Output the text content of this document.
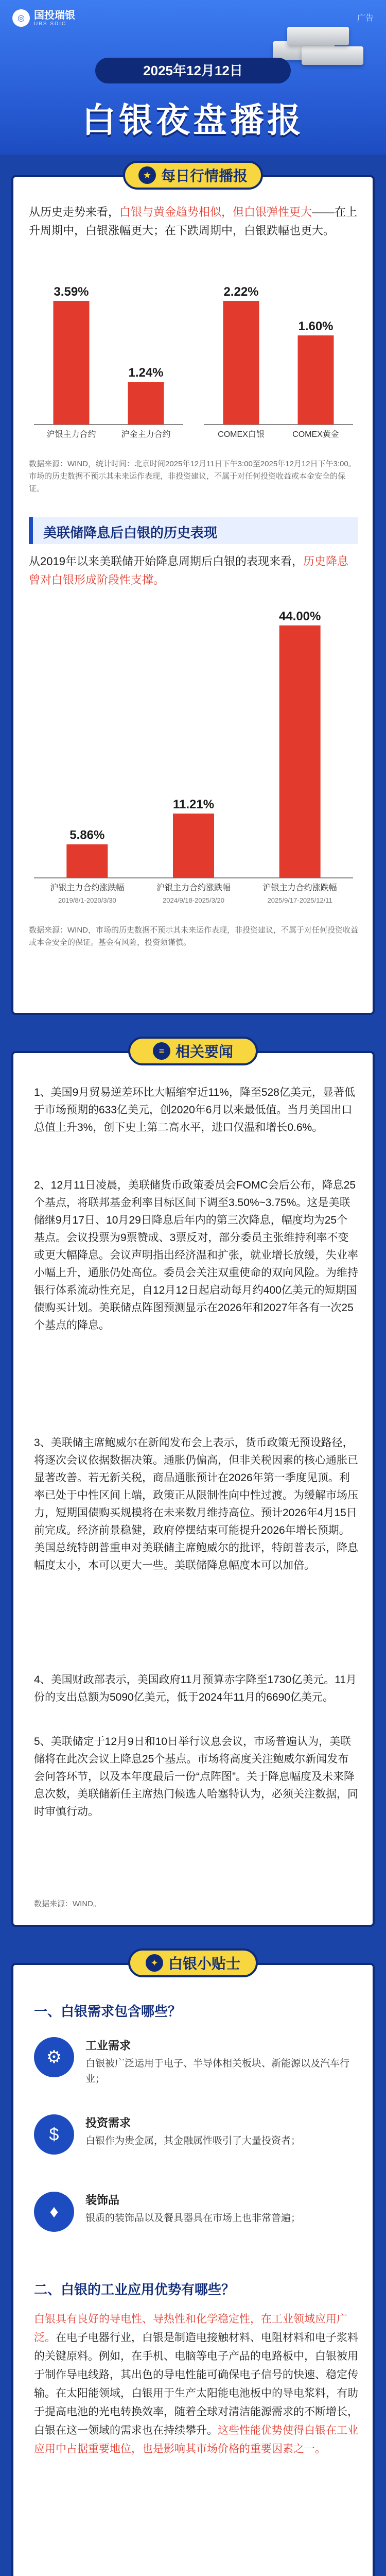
◎ 国投瑞银
UBS SDIC
广告
2025年12月12日
白银夜盘播报
★ 每日行情播报
从历史走势来看，白银与黄金趋势相似，但白银弹性更大——在上升周期中，白银涨幅更大；在下跌周期中，白银跌幅也更大。
3.59%
沪银主力合约
1.24%
沪金主力合约
2.22%
COMEX白银
1.60%
COMEX黄金
数据来源：WIND，统计时间：北京时间2025年12月11日下午3:00至2025年12月12日下午3:00。市场的历史数据不预示其未来运作表现，非投资建议，不属于对任何投资收益或本金安全的保证。
美联储降息后白银的历史表现
从2019年以来美联储开始降息周期后白银的表现来看，历史降息曾对白银形成阶段性支撑。
5.86%
沪银主力合约涨跌幅
2019/8/1-2020/3/30
11.21%
沪银主力合约涨跌幅
2024/9/18-2025/3/20
44.00%
沪银主力合约涨跌幅
2025/9/17-2025/12/11
数据来源：WIND，市场的历史数据不预示其未来运作表现，非投资建议，不属于对任何投资收益或本金安全的保证。基金有风险，投资须谨慎。
≡ 相关要闻
1、美国9月贸易逆差环比大幅缩窄近11%，降至528亿美元，显著低于市场预期的633亿美元，创2020年6月以来最低值。当月美国出口总值上升3%，创下史上第二高水平，进口仅温和增长0.6%。
2、12月11日凌晨，美联储货币政策委员会FOMC会后公布，降息25个基点，将联邦基金利率目标区间下调至3.50%~3.75%。这是美联储继9月17日、10月29日降息后年内的第三次降息，幅度均为25个基点。会议投票为9票赞成、3票反对，部分委员主张维持利率不变或更大幅降息。会议声明指出经济温和扩张，就业增长放缓，失业率小幅上升，通胀仍处高位。委员会关注双重使命的双向风险。为维持银行体系流动性充足，自12月12日起启动每月约400亿美元的短期国债购买计划。美联储点阵图预测显示在2026年和2027年各有一次25个基点的降息。
3、美联储主席鲍威尔在新闻发布会上表示，货币政策无预设路径，将逐次会议依据数据决策。通胀仍偏高，但非关税因素的核心通胀已显著改善。若无新关税，商品通胀预计在2026年第一季度见顶。利率已处于中性区间上端，政策正从限制性向中性过渡。为缓解市场压力，短期国债购买规模将在未来数月维持高位。预计2026年4月15日前完成。经济前景稳健，政府停摆结束可能提升2026年增长预期。美国总统特朗普重申对美联储主席鲍威尔的批评，特朗普表示，降息幅度太小，本可以更大一些。美联储降息幅度本可以加倍。
4、美国财政部表示，美国政府11月预算赤字降至1730亿美元。11月份的支出总额为5090亿美元，低于2024年11月的6690亿美元。
5、美联储定于12月9日和10日举行议息会议，市场普遍认为，美联储将在此次会议上降息25个基点。市场将高度关注鲍威尔新闻发布会问答环节，以及本年度最后一份“点阵图”。关于降息幅度及未来降息次数，美联储新任主席热门候选人哈塞特认为，必须关注数据，同时审慎行动。
数据来源：WIND。
✦ 白银小贴士
一、白银需求包含哪些？
⚙
工业需求
白银被广泛运用于电子、半导体相关板块、新能源以及汽车行业；
$
投资需求
白银作为贵金属，其金融属性吸引了大量投资者；
♦
装饰品
银质的装饰品以及餐具器具在市场上也非常普遍；
二、白银的工业应用优势有哪些？
白银具有良好的导电性、导热性和化学稳定性，在工业领域应用广泛。在电子电器行业，白银是制造电接触材料、电阻材料和电子浆料的关键原料。例如，在手机、电脑等电子产品的电路板中，白银被用于制作导电线路，其出色的导电性能可确保电子信号的快速、稳定传输。在太阳能领域，白银用于生产太阳能电池板中的导电浆料，有助于提高电池的光电转换效率，随着全球对清洁能源需求的不断增长，白银在这一领域的需求也在持续攀升。这些性能优势使得白银在工业应用中占据重要地位，也是影响其市场价格的重要因素之一。
